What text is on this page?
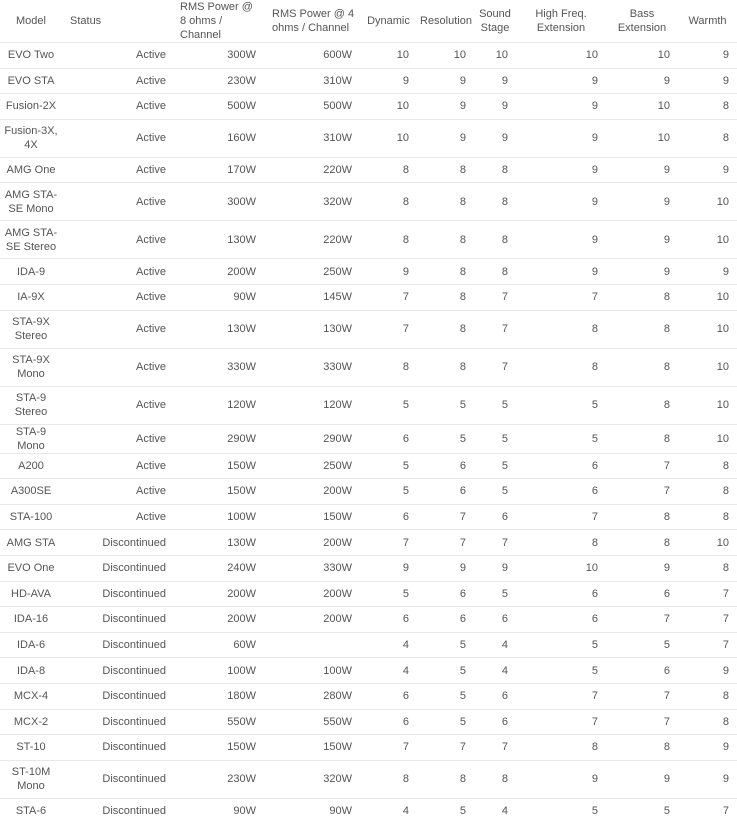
Model	Status	RMS Power @ 8 ohms / Channel	RMS Power @ 4 ohms / Channel	Dynamic	Resolution	Sound Stage	High Freq. Extension	Bass Extension	Warmth
EVO Two	Active	300W	600W	10	10	10	10	10	9
EVO STA	Active	230W	310W	9	9	9	9	9	9
Fusion-2X	Active	500W	500W	10	9	9	9	10	8
Fusion-3X, 4X	Active	160W	310W	10	9	9	9	10	8
AMG One	Active	170W	220W	8	8	8	9	9	9
AMG STA-SE Mono	Active	300W	320W	8	8	8	9	9	10
AMG STA-SE Stereo	Active	130W	220W	8	8	8	9	9	10
IDA-9	Active	200W	250W	9	8	8	9	9	9
IA-9X	Active	90W	145W	7	8	7	7	8	10
STA-9X Stereo	Active	130W	130W	7	8	7	8	8	10
STA-9X Mono	Active	330W	330W	8	8	7	8	8	10
STA-9 Stereo	Active	120W	120W	5	5	5	5	8	10
STA-9 Mono	Active	290W	290W	6	5	5	5	8	10
A200	Active	150W	250W	5	6	5	6	7	8
A300SE	Active	150W	200W	5	6	5	6	7	8
STA-100	Active	100W	150W	6	7	6	7	8	8
AMG STA	Discontinued	130W	200W	7	7	7	8	8	10
EVO One	Discontinued	240W	330W	9	9	9	10	9	8
HD-AVA	Discontinued	200W	200W	5	6	5	6	6	7
IDA-16	Discontinued	200W	200W	6	6	6	6	7	7
IDA-6	Discontinued	60W		4	5	4	5	5	7
IDA-8	Discontinued	100W	100W	4	5	4	5	6	9
MCX-4	Discontinued	180W	280W	6	5	6	7	7	8
MCX-2	Discontinued	550W	550W	6	5	6	7	7	8
ST-10	Discontinued	150W	150W	7	7	7	8	8	9
ST-10M Mono	Discontinued	230W	320W	8	8	8	9	9	9
STA-6	Discontinued	90W	90W	4	5	4	5	5	7
